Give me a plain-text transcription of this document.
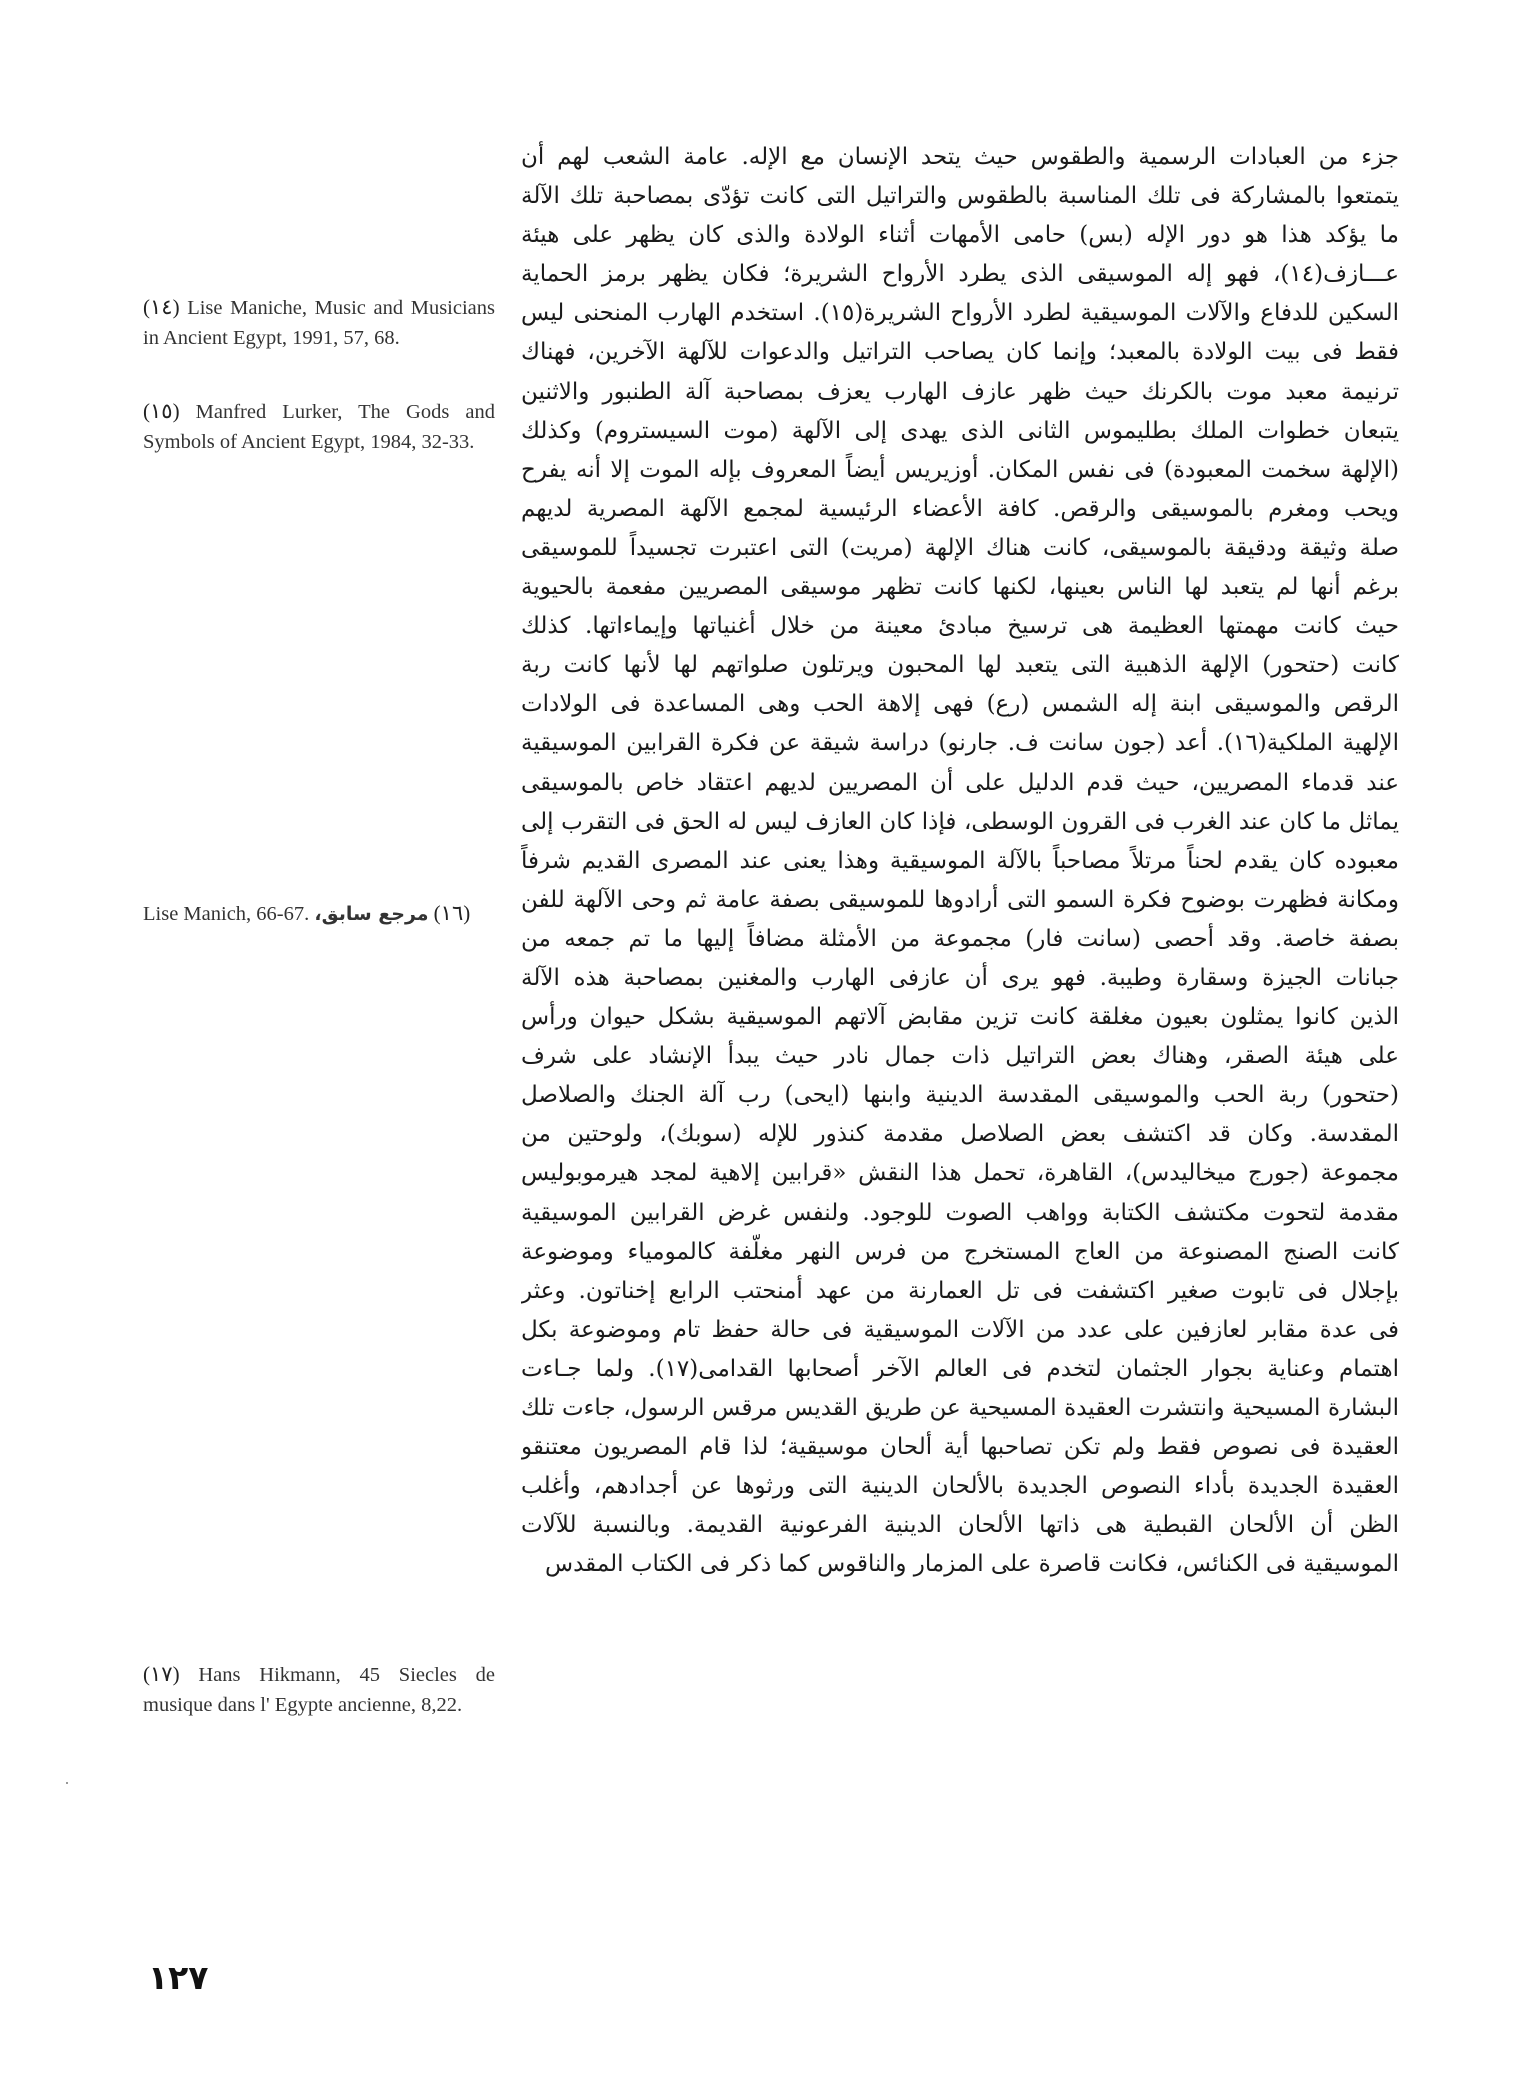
جزء من العبادات الرسمية والطقوس حيث يتحد الإنسان مع الإله. عامة الشعب لهم أن
يتمتعوا بالمشاركة فى تلك المناسبة بالطقوس والتراتيل التى كانت تؤدّى بمصاحبة تلك الآلة
ما يؤكد هذا هو دور الإله (بس) حامى الأمهات أثناء الولادة والذى كان يظهر على هيئة
عـــازف(١٤)، فهو إله الموسيقى الذى يطرد الأرواح الشريرة؛ فكان يظهر برمز الحماية
السكين للدفاع والآلات الموسيقية لطرد الأرواح الشريرة(١٥). استخدم الهارب المنحنى ليس
فقط فى بيت الولادة بالمعبد؛ وإنما كان يصاحب التراتيل والدعوات للآلهة الآخرين، فهناك
ترنيمة معبد موت بالكرنك حيث ظهر عازف الهارب يعزف بمصاحبة آلة الطنبور والاثنين
يتبعان خطوات الملك بطليموس الثانى الذى يهدى إلى الآلهة (موت السيستروم) وكذلك
(الإلهة سخمت المعبودة) فى نفس المكان. أوزيريس أيضاً المعروف بإله الموت إلا أنه يفرح
ويحب ومغرم بالموسيقى والرقص. كافة الأعضاء الرئيسية لمجمع الآلهة المصرية لديهم
صلة وثيقة ودقيقة بالموسيقى، كانت هناك الإلهة (مريت) التى اعتبرت تجسيداً للموسيقى
برغم أنها لم يتعبد لها الناس بعينها، لكنها كانت تظهر موسيقى المصريين مفعمة بالحيوية
حيث كانت مهمتها العظيمة هى ترسيخ مبادئ معينة من خلال أغنياتها وإيماءاتها. كذلك
كانت (حتحور) الإلهة الذهبية التى يتعبد لها المحبون ويرتلون صلواتهم لها لأنها كانت ربة
الرقص والموسيقى ابنة إله الشمس (رع) فهى إلاهة الحب وهى المساعدة فى الولادات
الإلهية الملكية(١٦). أعد (جون سانت ف. جارنو) دراسة شيقة عن فكرة القرابين الموسيقية
عند قدماء المصريين، حيث قدم الدليل على أن المصريين لديهم اعتقاد خاص بالموسيقى
يماثل ما كان عند الغرب فى القرون الوسطى، فإذا كان العازف ليس له الحق فى التقرب إلى
معبوده كان يقدم لحناً مرتلاً مصاحباً بالآلة الموسيقية وهذا يعنى عند المصرى القديم شرفاً
ومكانة فظهرت بوضوح فكرة السمو التى أرادوها للموسيقى بصفة عامة ثم وحى الآلهة للفن
بصفة خاصة. وقد أحصى (سانت فار) مجموعة من الأمثلة مضافاً إليها ما تم جمعه من
جبانات الجيزة وسقارة وطيبة. فهو يرى أن عازفى الهارب والمغنين بمصاحبة هذه الآلة
الذين كانوا يمثلون بعيون مغلقة كانت تزين مقابض آلاتهم الموسيقية بشكل حيوان ورأس
على هيئة الصقر، وهناك بعض التراتيل ذات جمال نادر حيث يبدأ الإنشاد على شرف
(حتحور) ربة الحب والموسيقى المقدسة الدينية وابنها (ايحى) رب آلة الجنك والصلاصل
المقدسة. وكان قد اكتشف بعض الصلاصل مقدمة كنذور للإله (سوبك)، ولوحتين من
مجموعة (جورج ميخاليدس)، القاهرة، تحمل هذا النقش «قرابين إلاهية لمجد هيرموبوليس
مقدمة لتحوت مكتشف الكتابة وواهب الصوت للوجود. ولنفس غرض القرابين الموسيقية
كانت الصنج المصنوعة من العاج المستخرج من فرس النهر مغلّفة كالمومياء وموضوعة
بإجلال فى تابوت صغير اكتشفت فى تل العمارنة من عهد أمنحتب الرابع إخناتون. وعثر
فى عدة مقابر لعازفين على عدد من الآلات الموسيقية فى حالة حفظ تام وموضوعة بكل
اهتمام وعناية بجوار الجثمان لتخدم فى العالم الآخر أصحابها القدامى(١٧). ولما جـاءت
البشارة المسيحية وانتشرت العقيدة المسيحية عن طريق القديس مرقس الرسول، جاءت تلك
العقيدة فى نصوص فقط ولم تكن تصاحبها أية ألحان موسيقية؛ لذا قام المصريون معتنقو
العقيدة الجديدة بأداء النصوص الجديدة بالألحان الدينية التى ورثوها عن أجدادهم، وأغلب
الظن أن الألحان القبطية هى ذاتها الألحان الدينية الفرعونية القديمة. وبالنسبة للآلات
الموسيقية فى الكنائس، فكانت قاصرة على المزمار والناقوس كما ذكر فى الكتاب المقدس
(١٤) Lise Maniche, Music and Musicians in Ancient Egypt, 1991, 57, 68.
(١٥) Manfred Lurker, The Gods and Symbols of Ancient Egypt, 1984, 32-33.
Lise Manich, 66-67. مرجع سابق، (١٦)
(١٧) Hans Hikmann, 45 Siecles de musique dans l' Egypte ancienne, 8,22.
١٢٧
